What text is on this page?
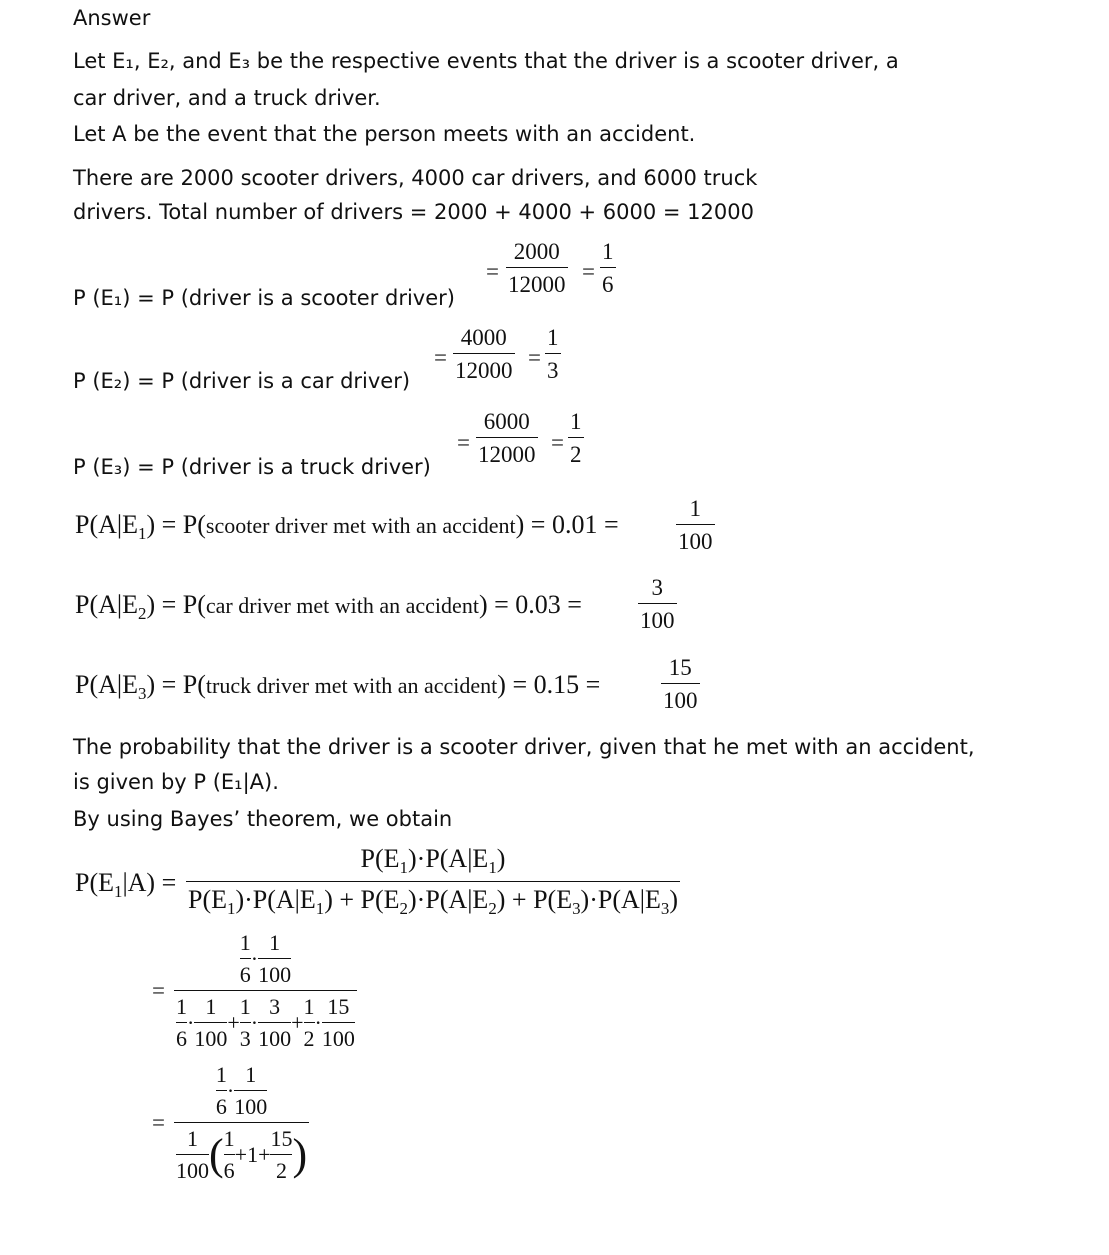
Answer
Let E₁, E₂, and E₃ be the respective events that the driver is a scooter driver, a
car driver, and a truck driver.
Let A be the event that the person meets with an accident.
There are 2000 scooter drivers, 4000 car drivers, and 6000 truck
drivers. Total number of drivers = 2000 + 4000 + 6000 = 12000
P (E₁) = P (driver is a scooter driver)
=
2000
12000
=
1
6
P (E₂) = P (driver is a car driver)
=
4000
12000
=
1
3
P (E₃) = P (driver is a truck driver)
=
6000
12000 =
1
2
$P(A|E_1)$ = P(scooter driver met with an accident) = 0.01 =
1
100
$P(A|E_2) = P(car$ driver met with an accident) = 0.03 =
3
100
$P(A|E_3)$ = P(truck driver met with an accident) = 0.15 =
15
100
The probability that the driver is a scooter driver, given that he met with an accident,
is given by P (E₁|A).
By using Bayes’ theorem, we obtain
$P(E_1|A)$ =
$P(E_1)\cdot P(A|E_1)$
$P(E_1)\cdot P(A|E_1) + P(E_2)\cdot P(A|E_2) + P(E_3)\cdot P(A|E_3)$
=
$\frac{1}{6} \cdot \frac{1}{100}$
$\frac{1}{6} \cdot \frac{1}{100} + \frac{1}{3} \cdot \frac{3}{100} + \frac{1}{2} \cdot \frac{15}{100}$
=
$\frac{1}{6} \cdot \frac{1}{100}$
$\frac{1}{100}$ ( $\frac{1}{6} +1+ \frac{15}{2}$ )
